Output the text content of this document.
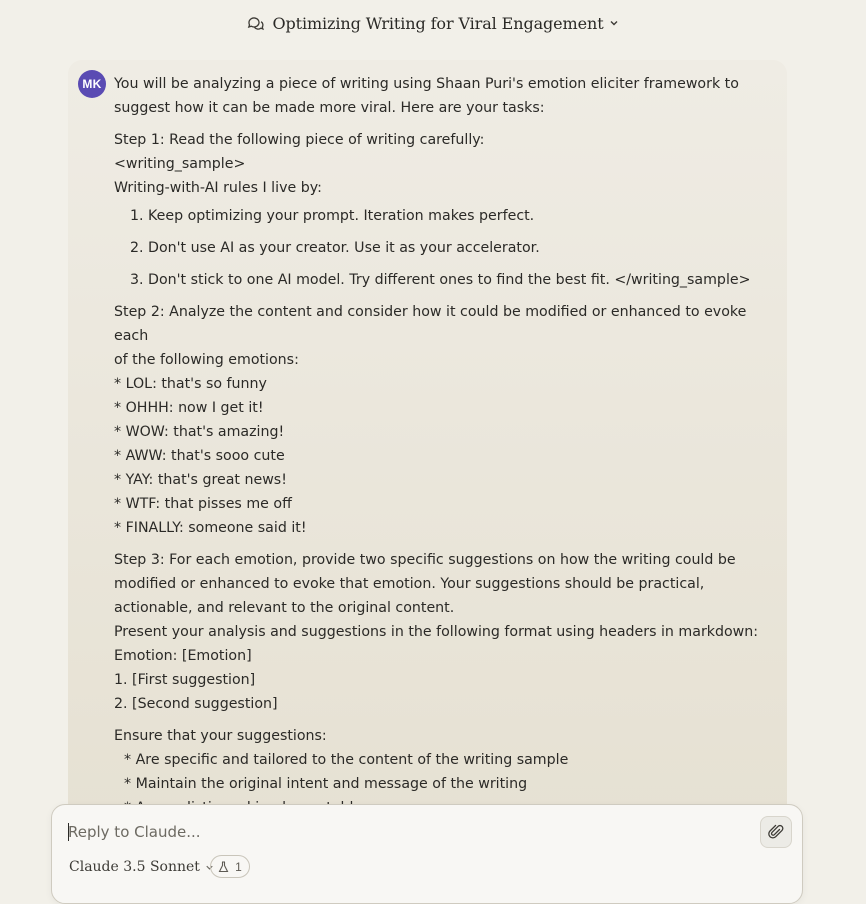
Optimizing Writing for Viral Engagement
MK You will be analyzing a piece of writing using Shaan Puri's emotion eliciter framework to
suggest how it can be made more viral. Here are your tasks:

Step 1: Read the following piece of writing carefully:
<writing_sample>
Writing-with-AI rules I live by:

1. Keep optimizing your prompt. Iteration makes perfect.
2. Don't use AI as your creator. Use it as your accelerator.
3. Don't stick to one AI model. Try different ones to find the best fit. </writing_sample>

Step 2: Analyze the content and consider how it could be modified or enhanced to evoke each
of the following emotions:
* LOL: that's so funny
* OHHH: now I get it!
* WOW: that's amazing!
* AWW: that's sooo cute
* YAY: that's great news!
* WTF: that pisses me off
* FINALLY: someone said it!

Step 3: For each emotion, provide two specific suggestions on how the writing could be
modified or enhanced to evoke that emotion. Your suggestions should be practical,
actionable, and relevant to the original content.
Present your analysis and suggestions in the following format using headers in markdown:
Emotion: [Emotion]
1. [First suggestion]
2. [Second suggestion]

Ensure that your suggestions:
* Are specific and tailored to the content of the writing sample
* Maintain the original intent and message of the writing

Reply to Claude...
Claude 3.5 Sonnet	1
